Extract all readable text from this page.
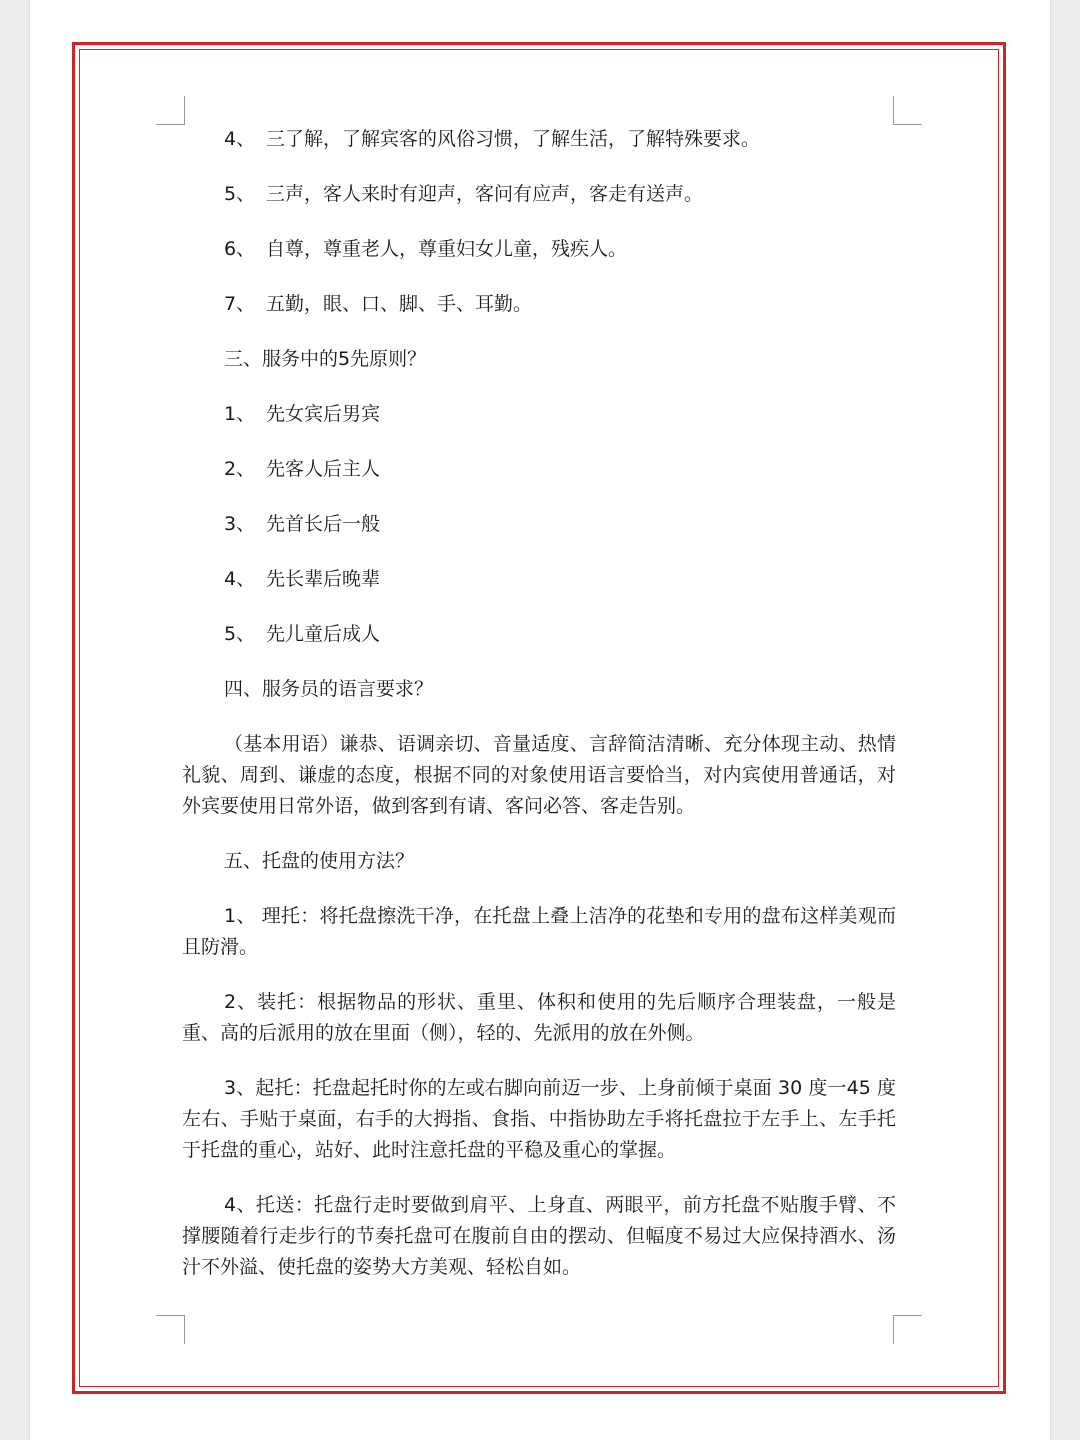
4、 三了解，了解宾客的风俗习惯，了解生活，了解特殊要求。
5、 三声，客人来时有迎声，客问有应声，客走有送声。
6、 自尊，尊重老人，尊重妇女儿童，残疾人。
7、 五勤，眼、口、脚、手、耳勤。
三、服务中的5先原则？
1、 先女宾后男宾
2、 先客人后主人
3、 先首长后一般
4、 先长辈后晚辈
5、 先儿童后成人
四、服务员的语言要求？

（基本用语）谦恭、语调亲切、音量适度、言辞简洁清晰、充分体现主动、热情礼貌、周到、谦虚的态度，根据不同的对象使用语言要恰当，对内宾使用普通话，对外宾要使用日常外语，做到客到有请、客问必答、客走告别。

五、托盘的使用方法？

1、 理托：将托盘擦洗干净，在托盘上叠上洁净的花垫和专用的盘布这样美观而且防滑。

2、装托：根据物品的形状、重里、体积和使用的先后顺序合理装盘，一般是重、高的后派用的放在里面（侧），轻的、先派用的放在外侧。

3、起托：托盘起托时你的左或右脚向前迈一步、上身前倾于桌面 30 度一45 度左右、手贴于桌面，右手的大拇指、食指、中指协助左手将托盘拉于左手上、左手托于托盘的重心，站好、此时注意托盘的平稳及重心的掌握。

4、托送：托盘行走时要做到肩平、上身直、两眼平，前方托盘不贴腹手臂、不撑腰随着行走步行的节奏托盘可在腹前自由的摆动、但幅度不易过大应保持酒水、汤汁不外溢、使托盘的姿势大方美观、轻松自如。
